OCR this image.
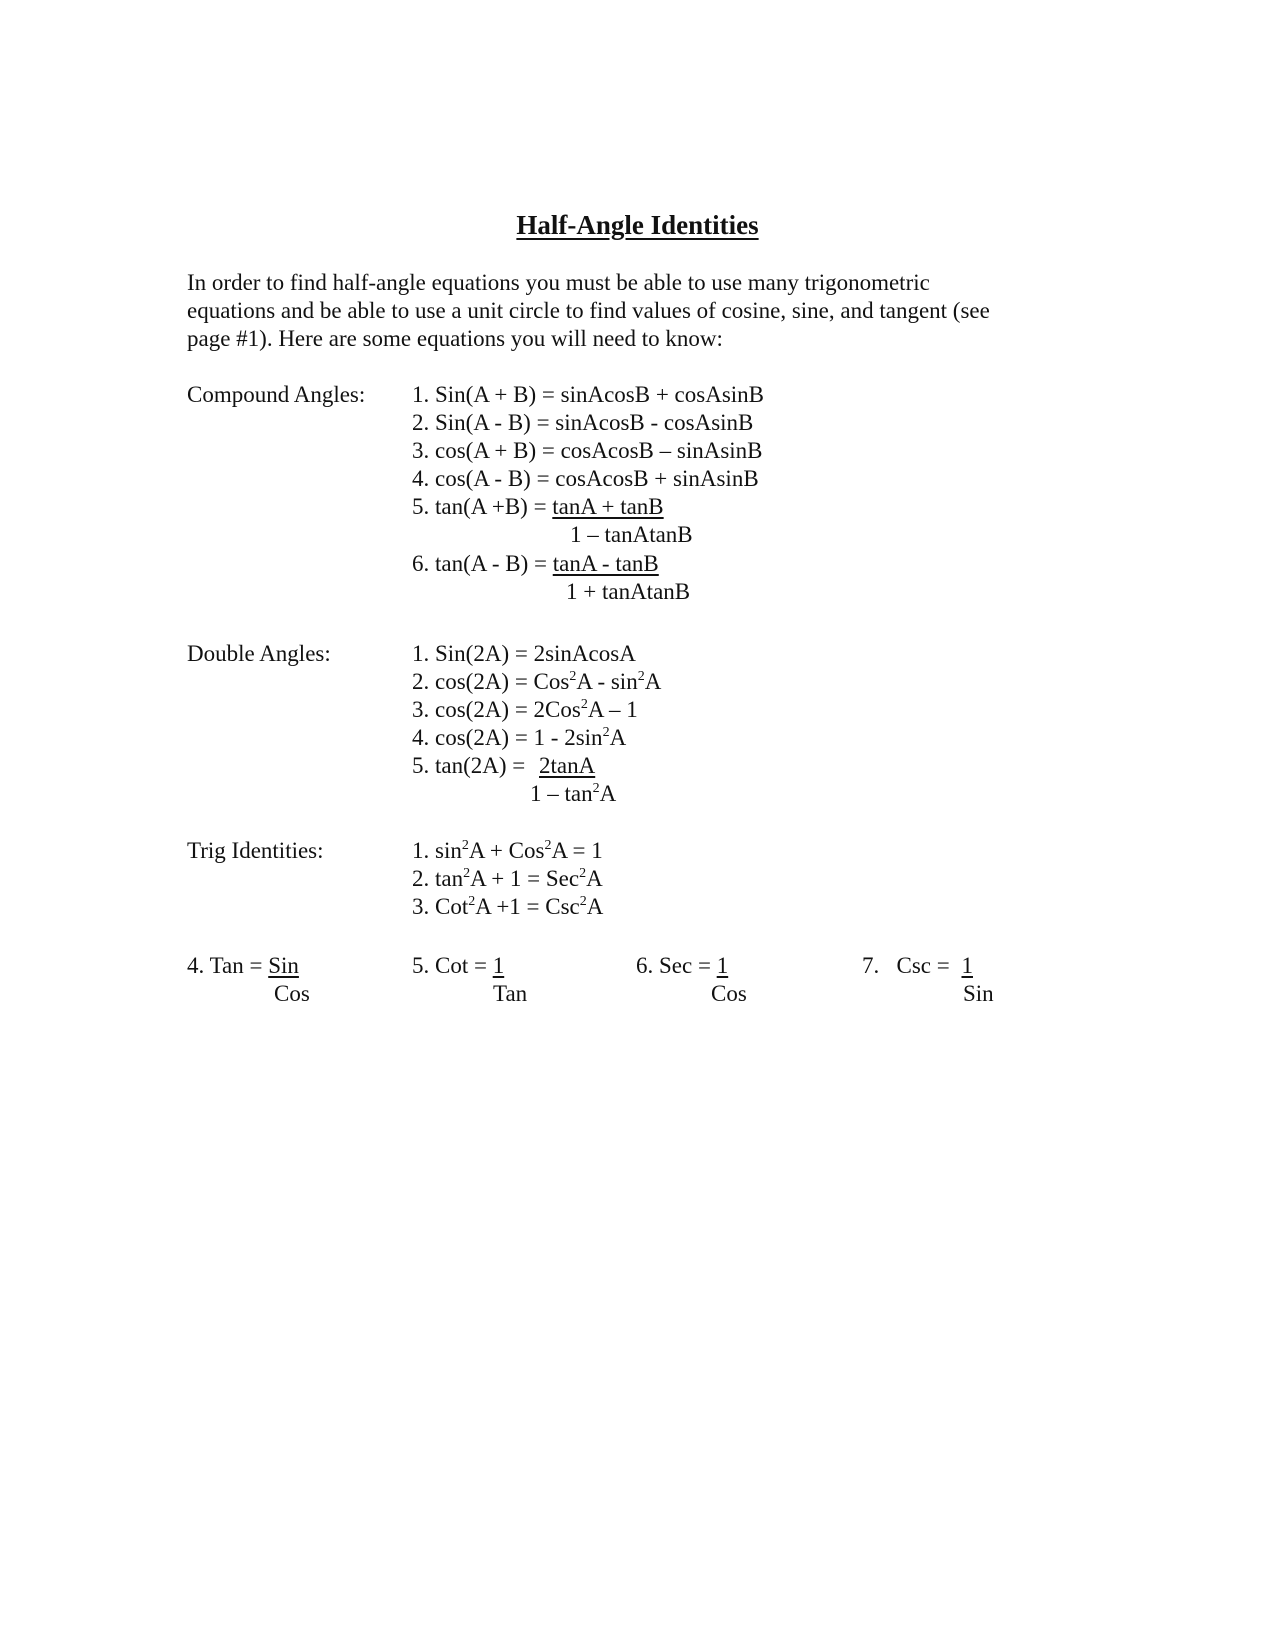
Half-Angle Identities
In order to find half-angle equations you must be able to use many trigonometric
equations and be able to use a unit circle to find values of cosine, sine, and tangent (see
page #1). Here are some equations you will need to know:
Compound Angles: 1. Sin(A + B) = sinAcosB + cosAsinB
2. Sin(A - B) = sinAcosB - cosAsinB
3. cos(A + B) = cosAcosB – sinAsinB
4. cos(A - B) = cosAcosB + sinAsinB
5. tan(A +B) = tanA + tanB
1 – tanAtanB
6. tan(A - B) = tanA - tanB
1 + tanAtanB
Double Angles:	1. Sin(2A) = 2sinAcosA
2. $\cos(2A) = Cos^2A - \sin^2A$
3. cos(2A) = 2Cos$^2$A – 1
4. $\cos(2A) = 1 - 2\sin^2A$
5. tan(2A) = 2tanA
$1 - \tan^2A$
Trig Identities:	1. $\sin^2A + Cos^2A = 1$
2. $\tan^2A + 1 = Sec^2A$
3. Cot$^2$A +1 = Csc$^2$A
4. Tan = Sin
Cos
5. Cot = 1
Tan
6. Sec = 1
Cos
7.   Csc = 1
Sin
